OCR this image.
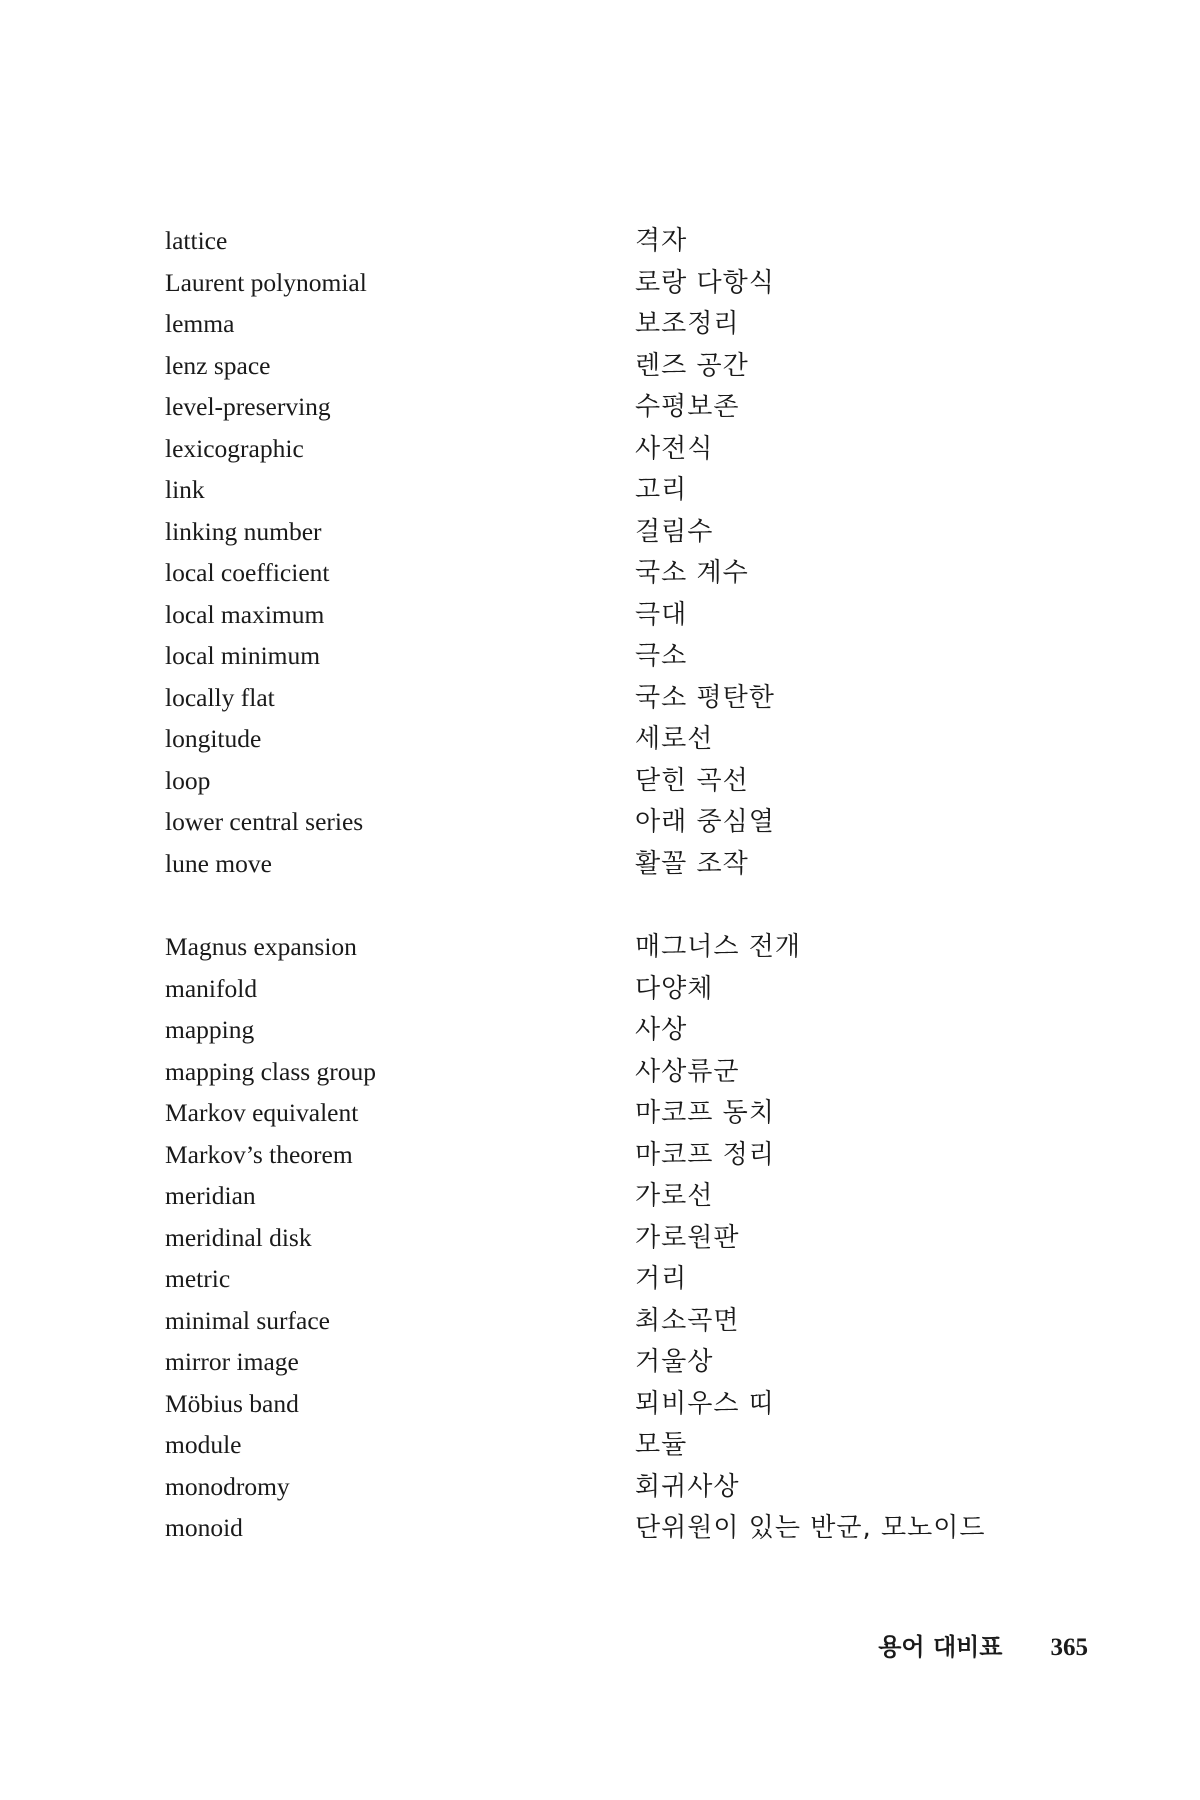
lattice	격자
Laurent polynomial	로랑 다항식
lemma	보조정리
lenz space	렌즈 공간
level-preserving	수평보존
lexicographic	사전식
link	고리
linking number	걸림수
local coefficient	국소 계수
local maximum	극대
local minimum	극소
locally flat	국소 평탄한
longitude	세로선
loop	닫힌 곡선
lower central series	아래 중심열
lune move	활꼴 조작
Magnus expansion	매그너스 전개
manifold	다양체
mapping	사상
mapping class group	사상류군
Markov equivalent	마코프 동치
Markov’s theorem	마코프 정리
meridian	가로선
meridinal disk	가로원판
metric	거리
minimal surface	최소곡면
mirror image	거울상
Möbius band	뫼비우스 띠
module	모듈
monodromy	회귀사상
monoid	단위원이 있는 반군, 모노이드
용어 대비표 365
